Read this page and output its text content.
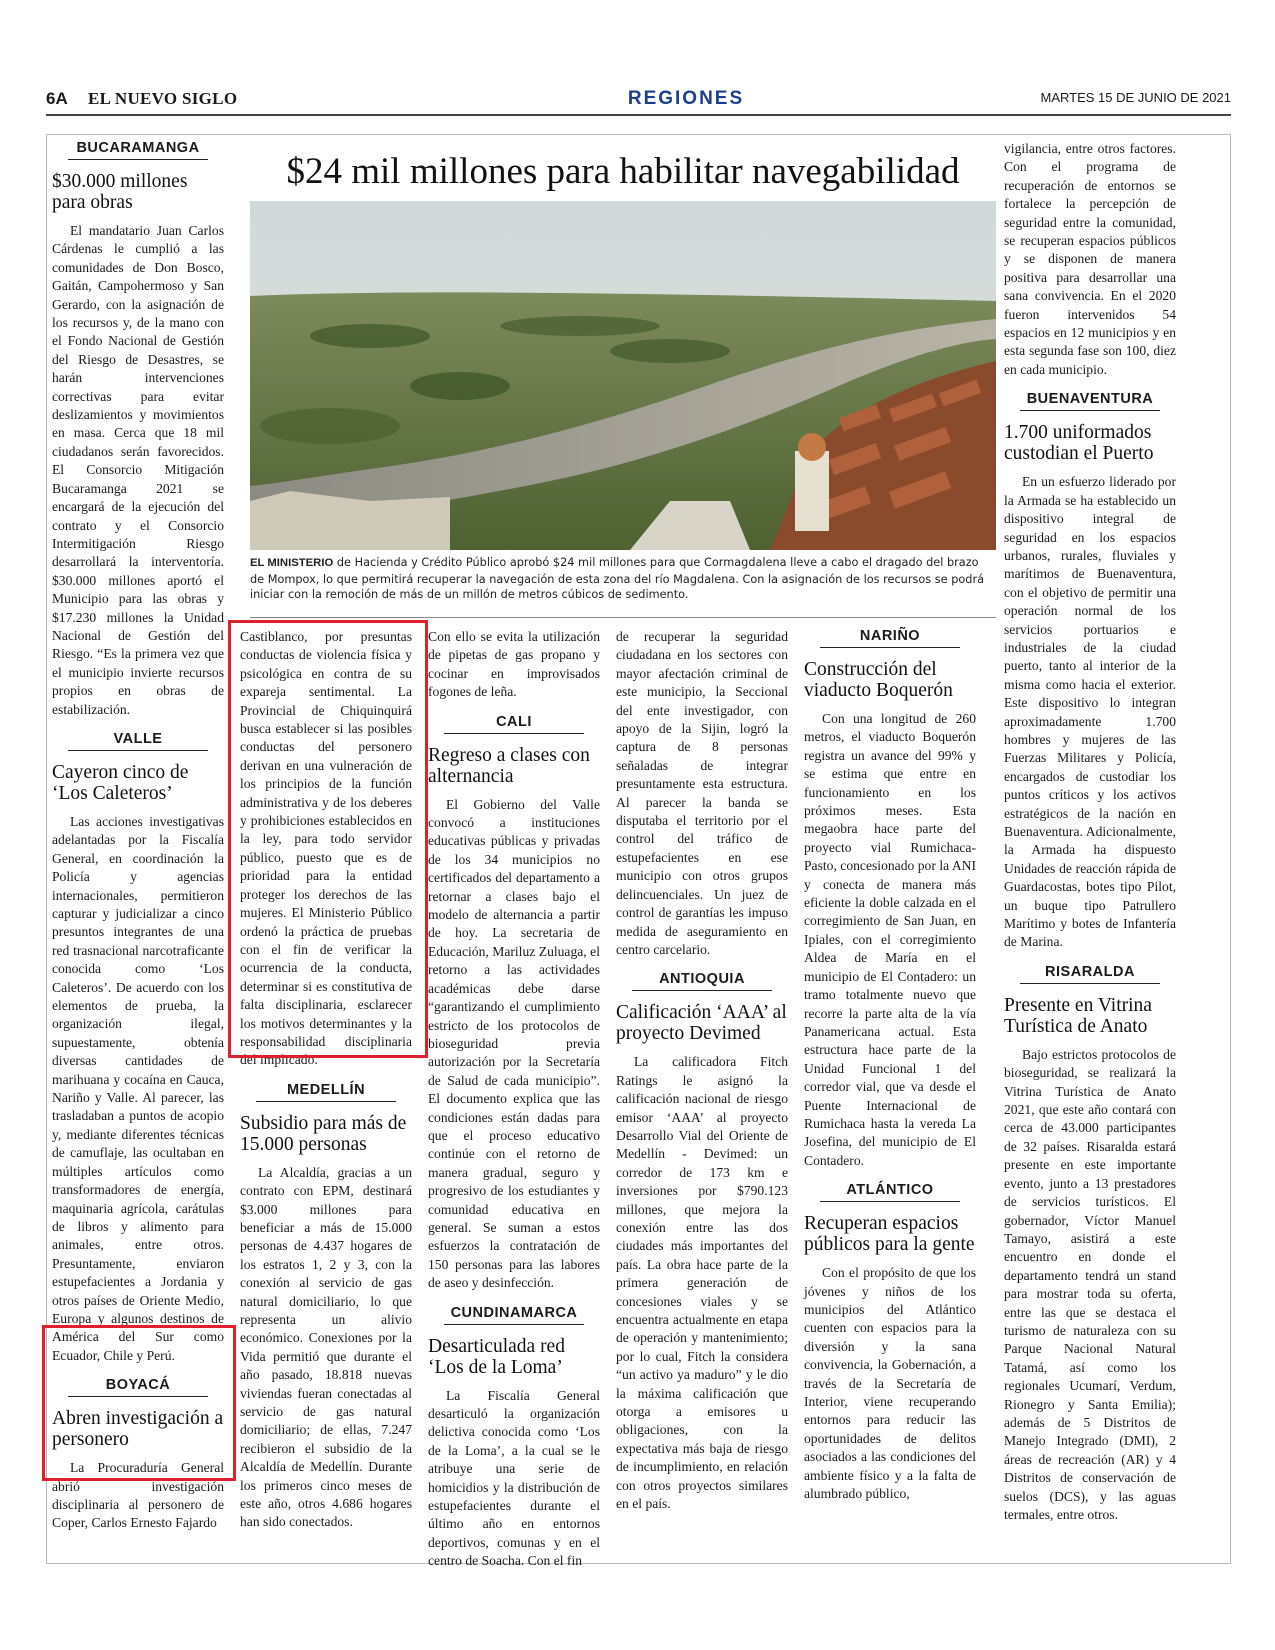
6A EL NUEVO SIGLO	REGIONES	MARTES 15 DE JUNIO DE 2021
$24 mil millones para habilitar navegabilidad
EL MINISTERIO de Hacienda y Crédito Público aprobó $24 mil millones para que Cormagdalena lleve a cabo el dragado del brazo de Mompox, lo que permitirá recuperar la navegación de esta zona del río Magdalena. Con la asignación de los recursos se podrá iniciar con la remoción de más de un millón de metros cúbicos de sedimento.
BUCARAMANGA
$30.000 millones para obras

El mandatario Juan Carlos Cárdenas le cumplió a las comunidades de Don Bosco, Gaitán, Campohermoso y San Gerardo, con la asignación de los recursos y, de la mano con el Fondo Nacional de Gestión del Riesgo de Desastres, se harán intervenciones correctivas para evitar deslizamientos y movimientos en masa. Cerca que 18 mil ciudadanos serán favorecidos. El Consorcio Mitigación Bucaramanga 2021 se encargará de la ejecución del contrato y el Consorcio Intermitigación Riesgo desarrollará la interventoría. $30.000 millones aportó el Municipio para las obras y $17.230 millones la Unidad Nacional de Gestión del Riesgo. “Es la primera vez que el municipio invierte recursos propios en obras de estabilización.

VALLE
Cayeron cinco de ‘Los Caleteros’

Las acciones investigativas adelantadas por la Fiscalía General, en coordinación la Policía y agencias internacionales, permitieron capturar y judicializar a cinco presuntos integrantes de una red trasnacional narcotraficante conocida como ‘Los Caleteros’. De acuerdo con los elementos de prueba, la organización ilegal, supuestamente, obtenía diversas cantidades de marihuana y cocaína en Cauca, Nariño y Valle. Al parecer, las trasladaban a puntos de acopio y, mediante diferentes técnicas de camuflaje, las ocultaban en múltiples artículos como transformadores de energía, maquinaria agrícola, carátulas de libros y alimento para animales, entre otros. Presuntamente, enviaron estupefacientes a Jordania y otros países de Oriente Medio, Europa y algunos destinos de América del Sur como Ecuador, Chile y Perú.

BOYACÁ
Abren investigación a personero

La Procuraduría General abrió investigación disciplinaria al personero de Coper, Carlos Ernesto Fajardo

Castiblanco, por presuntas conductas de violencia física y psicológica en contra de su expareja sentimental. La Provincial de Chiquinquirá busca establecer si las posibles conductas del personero derivan en una vulneración de los principios de la función administrativa y de los deberes y prohibiciones establecidos en la ley, para todo servidor público, puesto que es de prioridad para la entidad proteger los derechos de las mujeres. El Ministerio Público ordenó la práctica de pruebas con el fin de verificar la ocurrencia de la conducta, determinar si es constitutiva de falta disciplinaria, esclarecer los motivos determinantes y la responsabilidad disciplinaria del implicado.

MEDELLÍN
Subsidio para más de 15.000 personas

La Alcaldía, gracias a un contrato con EPM, destinará $3.000 millones para beneficiar a más de 15.000 personas de 4.437 hogares de los estratos 1, 2 y 3, con la conexión al servicio de gas natural domiciliario, lo que representa un alivio económico. Conexiones por la Vida permitió que durante el año pasado, 18.818 nuevas viviendas fueran conectadas al servicio de gas natural domiciliario; de ellas, 7.247 recibieron el subsidio de la Alcaldía de Medellín. Durante los primeros cinco meses de este año, otros 4.686 hogares han sido conectados.

Con ello se evita la utilización de pipetas de gas propano y cocinar en improvisados fogones de leña.

CALI
Regreso a clases con alternancia

El Gobierno del Valle convocó a instituciones educativas públicas y privadas de los 34 municipios no certificados del departamento a retornar a clases bajo el modelo de alternancia a partir de hoy. La secretaria de Educación, Mariluz Zuluaga, el retorno a las actividades académicas debe darse “garantizando el cumplimiento estricto de los protocolos de bioseguridad previa autorización por la Secretaría de Salud de cada municipio”. El documento explica que las condiciones están dadas para que el proceso educativo continúe con el retorno de manera gradual, seguro y progresivo de los estudiantes y comunidad educativa en general. Se suman a estos esfuerzos la contratación de 150 personas para las labores de aseo y desinfección.

CUNDINAMARCA
Desarticulada red ‘Los de la Loma’

La Fiscalía General desarticuló la organización delictiva conocida como ‘Los de la Loma’, a la cual se le atribuye una serie de homicidios y la distribución de estupefacientes durante el último año en entornos deportivos, comunas y en el centro de Soacha. Con el fin

de recuperar la seguridad ciudadana en los sectores con mayor afectación criminal de este municipio, la Seccional del ente investigador, con apoyo de la Sijin, logró la captura de 8 personas señaladas de integrar presuntamente esta estructura. Al parecer la banda se disputaba el territorio por el control del tráfico de estupefacientes en ese municipio con otros grupos delincuenciales. Un juez de control de garantías les impuso medida de aseguramiento en centro carcelario.

ANTIOQUIA
Calificación ‘AAA’ al proyecto Devimed

La calificadora Fitch Ratings le asignó la calificación nacional de riesgo emisor ‘AAA’ al proyecto Desarrollo Vial del Oriente de Medellín - Devimed: un corredor de 173 km e inversiones por $790.123 millones, que mejora la conexión entre las dos ciudades más importantes del país. La obra hace parte de la primera generación de concesiones viales y se encuentra actualmente en etapa de operación y mantenimiento; por lo cual, Fitch la considera “un activo ya maduro” y le dio la máxima calificación que otorga a emisores u obligaciones, con la expectativa más baja de riesgo de incumplimiento, en relación con otros proyectos similares en el país.

NARIÑO
Construcción del viaducto Boquerón

Con una longitud de 260 metros, el viaducto Boquerón registra un avance del 99% y se estima que entre en funcionamiento en los próximos meses. Esta megaobra hace parte del proyecto vial Rumichaca-Pasto, concesionado por la ANI y conecta de manera más eficiente la doble calzada en el corregimiento de San Juan, en Ipiales, con el corregimiento Aldea de María en el municipio de El Contadero: un tramo totalmente nuevo que recorre la parte alta de la vía Panamericana actual. Esta estructura hace parte de la Unidad Funcional 1 del corredor vial, que va desde el Puente Internacional de Rumichaca hasta la vereda La Josefina, del municipio de El Contadero.

ATLÁNTICO
Recuperan espacios públicos para la gente

Con el propósito de que los jóvenes y niños de los municipios del Atlántico cuenten con espacios para la diversión y la sana convivencia, la Gobernación, a través de la Secretaría de Interior, viene recuperando entornos para reducir las oportunidades de delitos asociados a las condiciones del ambiente físico y a la falta de alumbrado público,

vigilancia, entre otros factores. Con el programa de recuperación de entornos se fortalece la percepción de seguridad entre la comunidad, se recuperan espacios públicos y se disponen de manera positiva para desarrollar una sana convivencia. En el 2020 fueron intervenidos 54 espacios en 12 municipios y en esta segunda fase son 100, diez en cada municipio.

BUENAVENTURA
1.700 uniformados custodian el Puerto

En un esfuerzo liderado por la Armada se ha establecido un dispositivo integral de seguridad en los espacios urbanos, rurales, fluviales y marítimos de Buenaventura, con el objetivo de permitir una operación normal de los servicios portuarios e industriales de la ciudad puerto, tanto al interior de la misma como hacia el exterior. Este dispositivo lo integran aproximadamente 1.700 hombres y mujeres de las Fuerzas Militares y Policía, encargados de custodiar los puntos críticos y los activos estratégicos de la nación en Buenaventura. Adicionalmente, la Armada ha dispuesto Unidades de reacción rápida de Guardacostas, botes tipo Pilot, un buque tipo Patrullero Marítimo y botes de Infantería de Marina.

RISARALDA
Presente en Vitrina Turística de Anato

Bajo estrictos protocolos de bioseguridad, se realizará la Vitrina Turística de Anato 2021, que este año contará con cerca de 43.000 participantes de 32 países. Risaralda estará presente en este importante evento, junto a 13 prestadores de servicios turísticos. El gobernador, Víctor Manuel Tamayo, asistirá a este encuentro en donde el departamento tendrá un stand para mostrar toda su oferta, entre las que se destaca el turismo de naturaleza con su Parque Nacional Natural Tatamá, así como los regionales Ucumarí, Verdum, Rionegro y Santa Emilia); además de 5 Distritos de Manejo Integrado (DMI), 2 áreas de recreación (AR) y 4 Distritos de conservación de suelos (DCS), y las aguas termales, entre otros.
